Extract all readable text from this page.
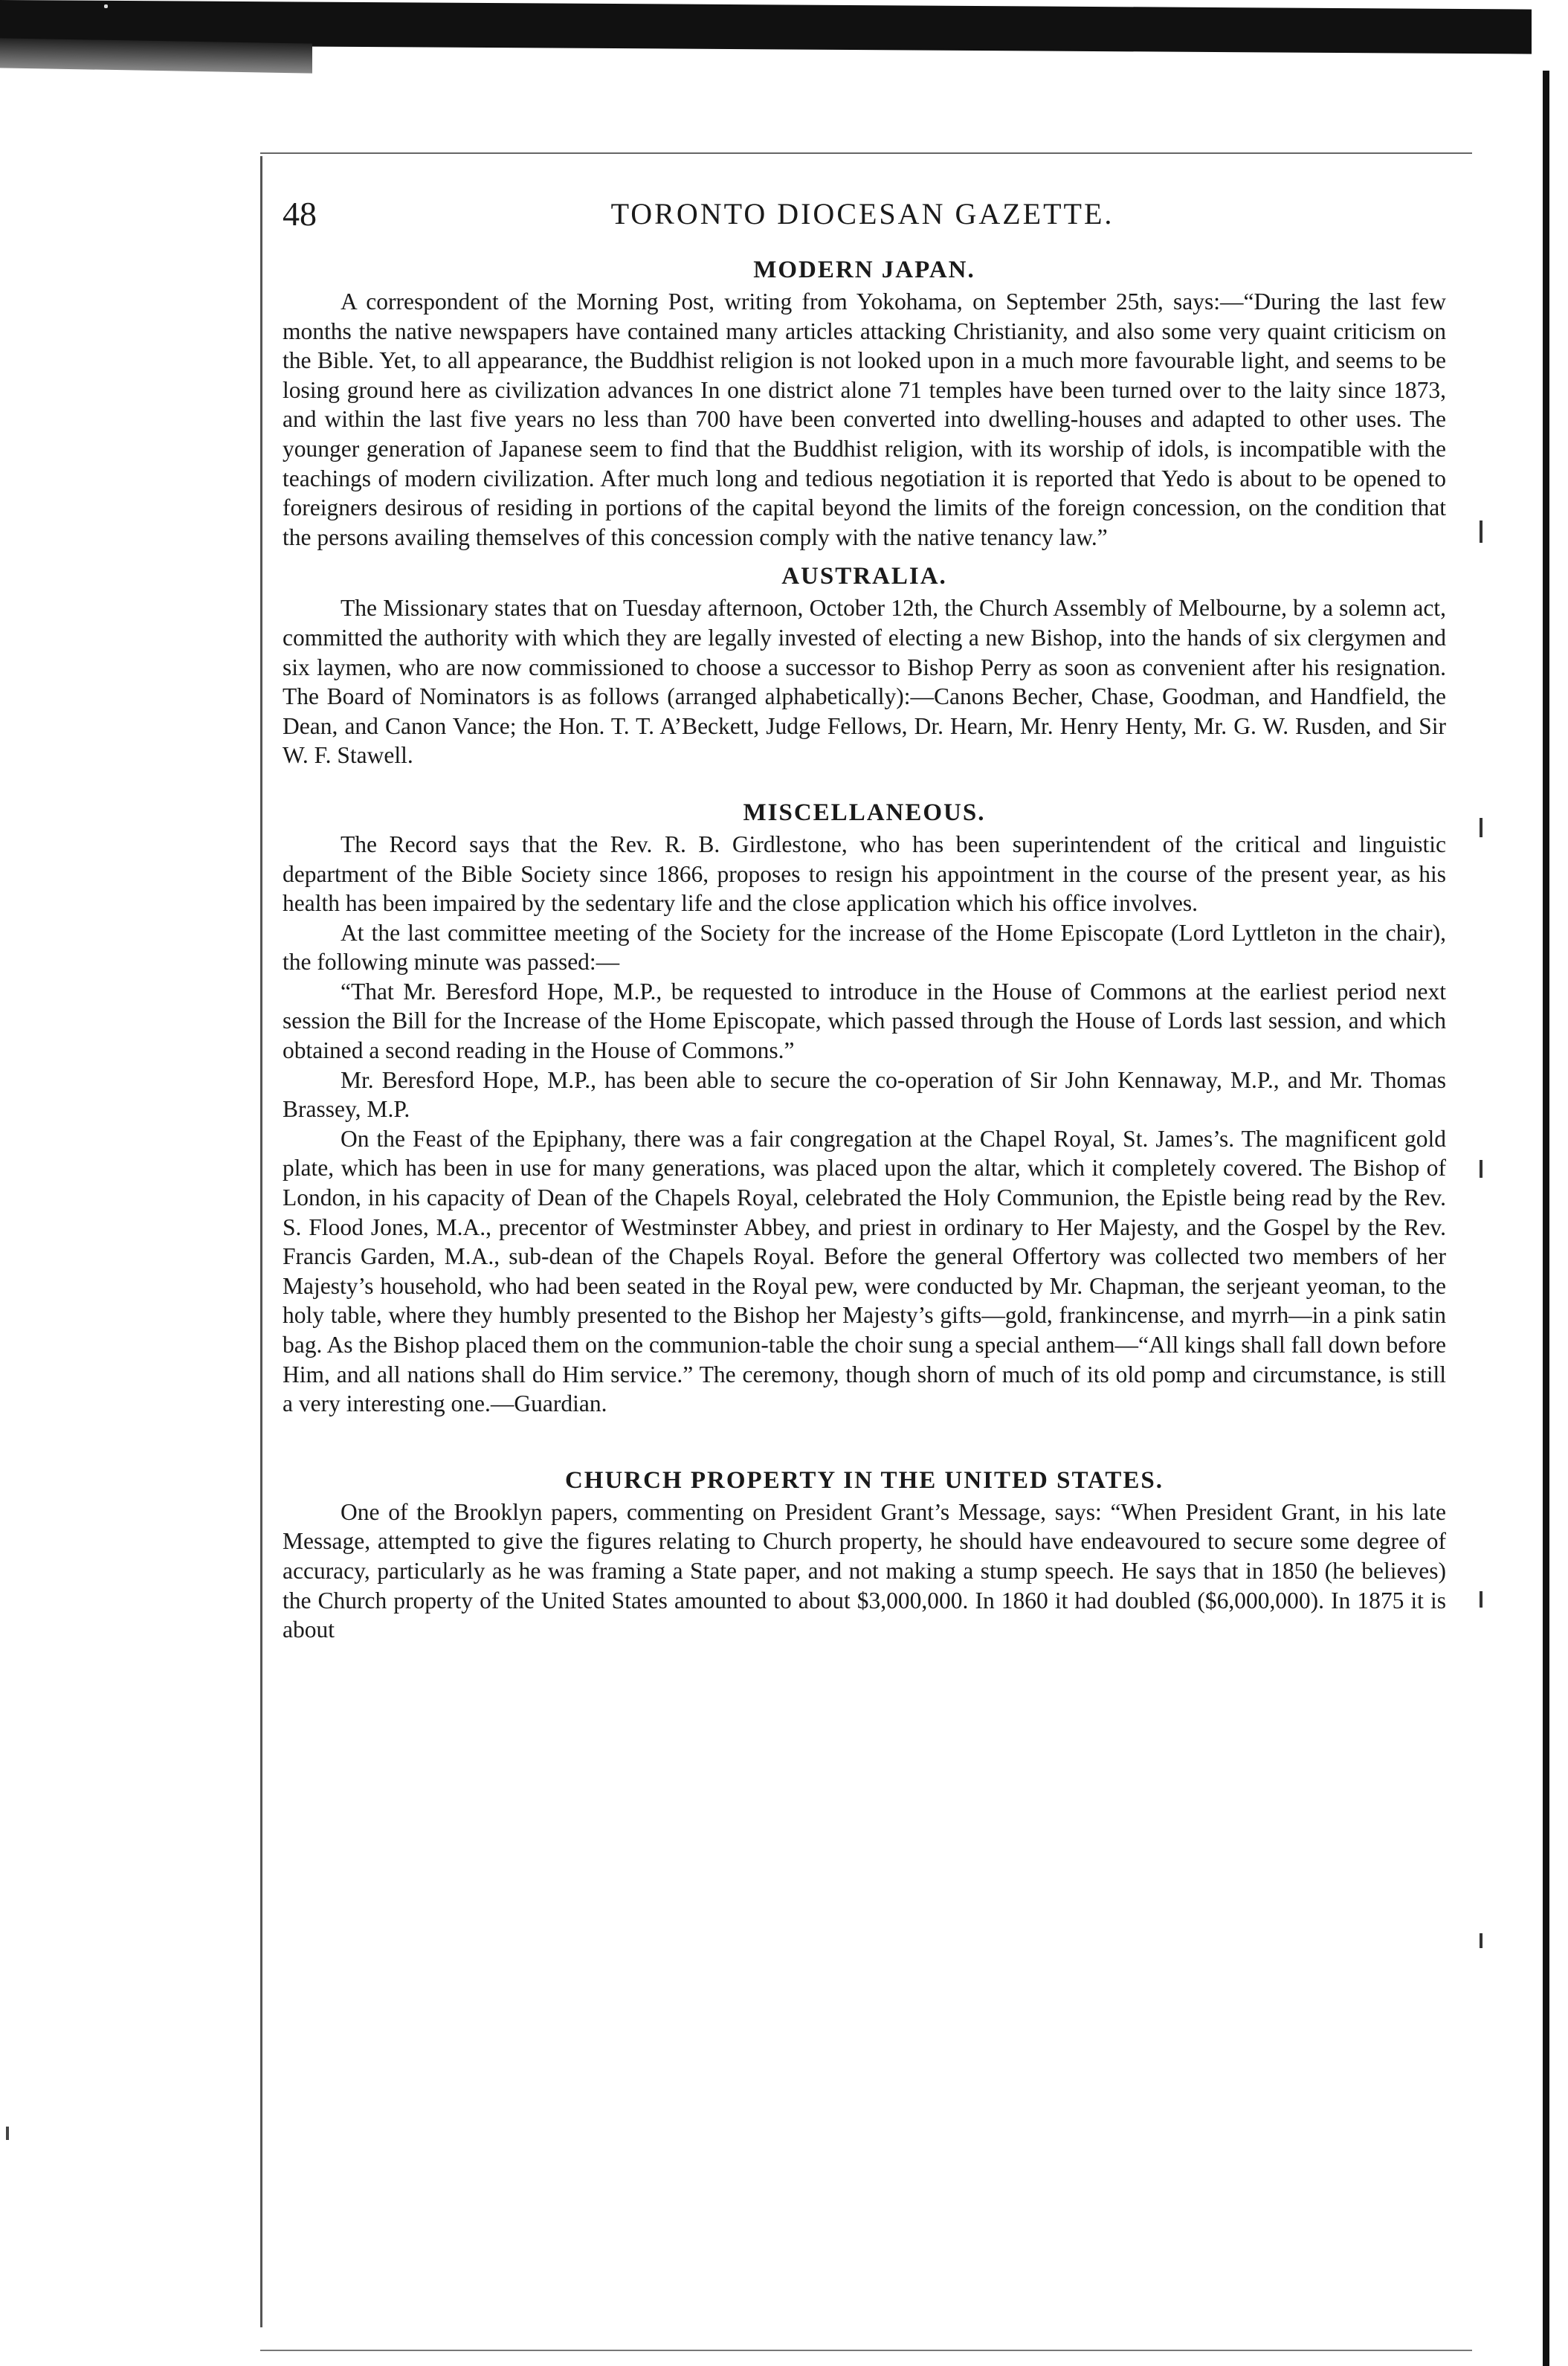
48	TORONTO DIOCESAN GAZETTE.
MODERN JAPAN.

A correspondent of the Morning Post, writing from Yokohama, on September 25th, says:—“During the last few months the native newspapers have contained many articles attacking Christianity, and also some very quaint criticism on the Bible. Yet, to all appearance, the Buddhist religion is not looked upon in a much more favourable light, and seems to be losing ground here as civilization advances In one district alone 71 temples have been turned over to the laity since 1873, and within the last five years no less than 700 have been converted into dwelling-houses and adapted to other uses. The younger generation of Japanese seem to find that the Buddhist religion, with its worship of idols, is incompatible with the teachings of modern civilization. After much long and tedious negotiation it is reported that Yedo is about to be opened to foreigners desirous of residing in portions of the capital beyond the limits of the foreign concession, on the condition that the persons availing themselves of this concession comply with the native tenancy law.”

AUSTRALIA.

The Missionary states that on Tuesday afternoon, October 12th, the Church Assembly of Melbourne, by a solemn act, committed the authority with which they are legally invested of electing a new Bishop, into the hands of six clergymen and six laymen, who are now commissioned to choose a successor to Bishop Perry as soon as convenient after his resignation. The Board of Nominators is as follows (arranged alphabetically):—Canons Becher, Chase, Goodman, and Handfield, the Dean, and Canon Vance; the Hon. T. T. A’Beckett, Judge Fellows, Dr. Hearn, Mr. Henry Henty, Mr. G. W. Rusden, and Sir W. F. Stawell.

MISCELLANEOUS.

The Record says that the Rev. R. B. Girdlestone, who has been superintendent of the critical and linguistic department of the Bible Society since 1866, proposes to resign his appointment in the course of the present year, as his health has been impaired by the sedentary life and the close application which his office involves.

At the last committee meeting of the Society for the increase of the Home Episcopate (Lord Lyttleton in the chair), the following minute was passed:—

“That Mr. Beresford Hope, M.P., be requested to introduce in the House of Commons at the earliest period next session the Bill for the Increase of the Home Episcopate, which passed through the House of Lords last session, and which obtained a second reading in the House of Commons.”

Mr. Beresford Hope, M.P., has been able to secure the co-operation of Sir John Kennaway, M.P., and Mr. Thomas Brassey, M.P.

On the Feast of the Epiphany, there was a fair congregation at the Chapel Royal, St. James’s. The magnificent gold plate, which has been in use for many generations, was placed upon the altar, which it completely covered. The Bishop of London, in his capacity of Dean of the Chapels Royal, celebrated the Holy Communion, the Epistle being read by the Rev. S. Flood Jones, M.A., precentor of Westminster Abbey, and priest in ordinary to Her Majesty, and the Gospel by the Rev. Francis Garden, M.A., sub-dean of the Chapels Royal. Before the general Offertory was collected two members of her Majesty’s household, who had been seated in the Royal pew, were conducted by Mr. Chapman, the serjeant yeoman, to the holy table, where they humbly presented to the Bishop her Majesty’s gifts—gold, frankincense, and myrrh—in a pink satin bag. As the Bishop placed them on the communion-table the choir sung a special anthem—“All kings shall fall down before Him, and all nations shall do Him service.” The ceremony, though shorn of much of its old pomp and circumstance, is still a very interesting one.—Guardian.

CHURCH PROPERTY IN THE UNITED STATES.

One of the Brooklyn papers, commenting on President Grant’s Message, says: “When President Grant, in his late Message, attempted to give the figures relating to Church property, he should have endeavoured to secure some degree of accuracy, particularly as he was framing a State paper, and not making a stump speech. He says that in 1850 (he believes) the Church property of the United States amounted to about $3,000,000. In 1860 it had doubled ($6,000,000). In 1875 it is about
